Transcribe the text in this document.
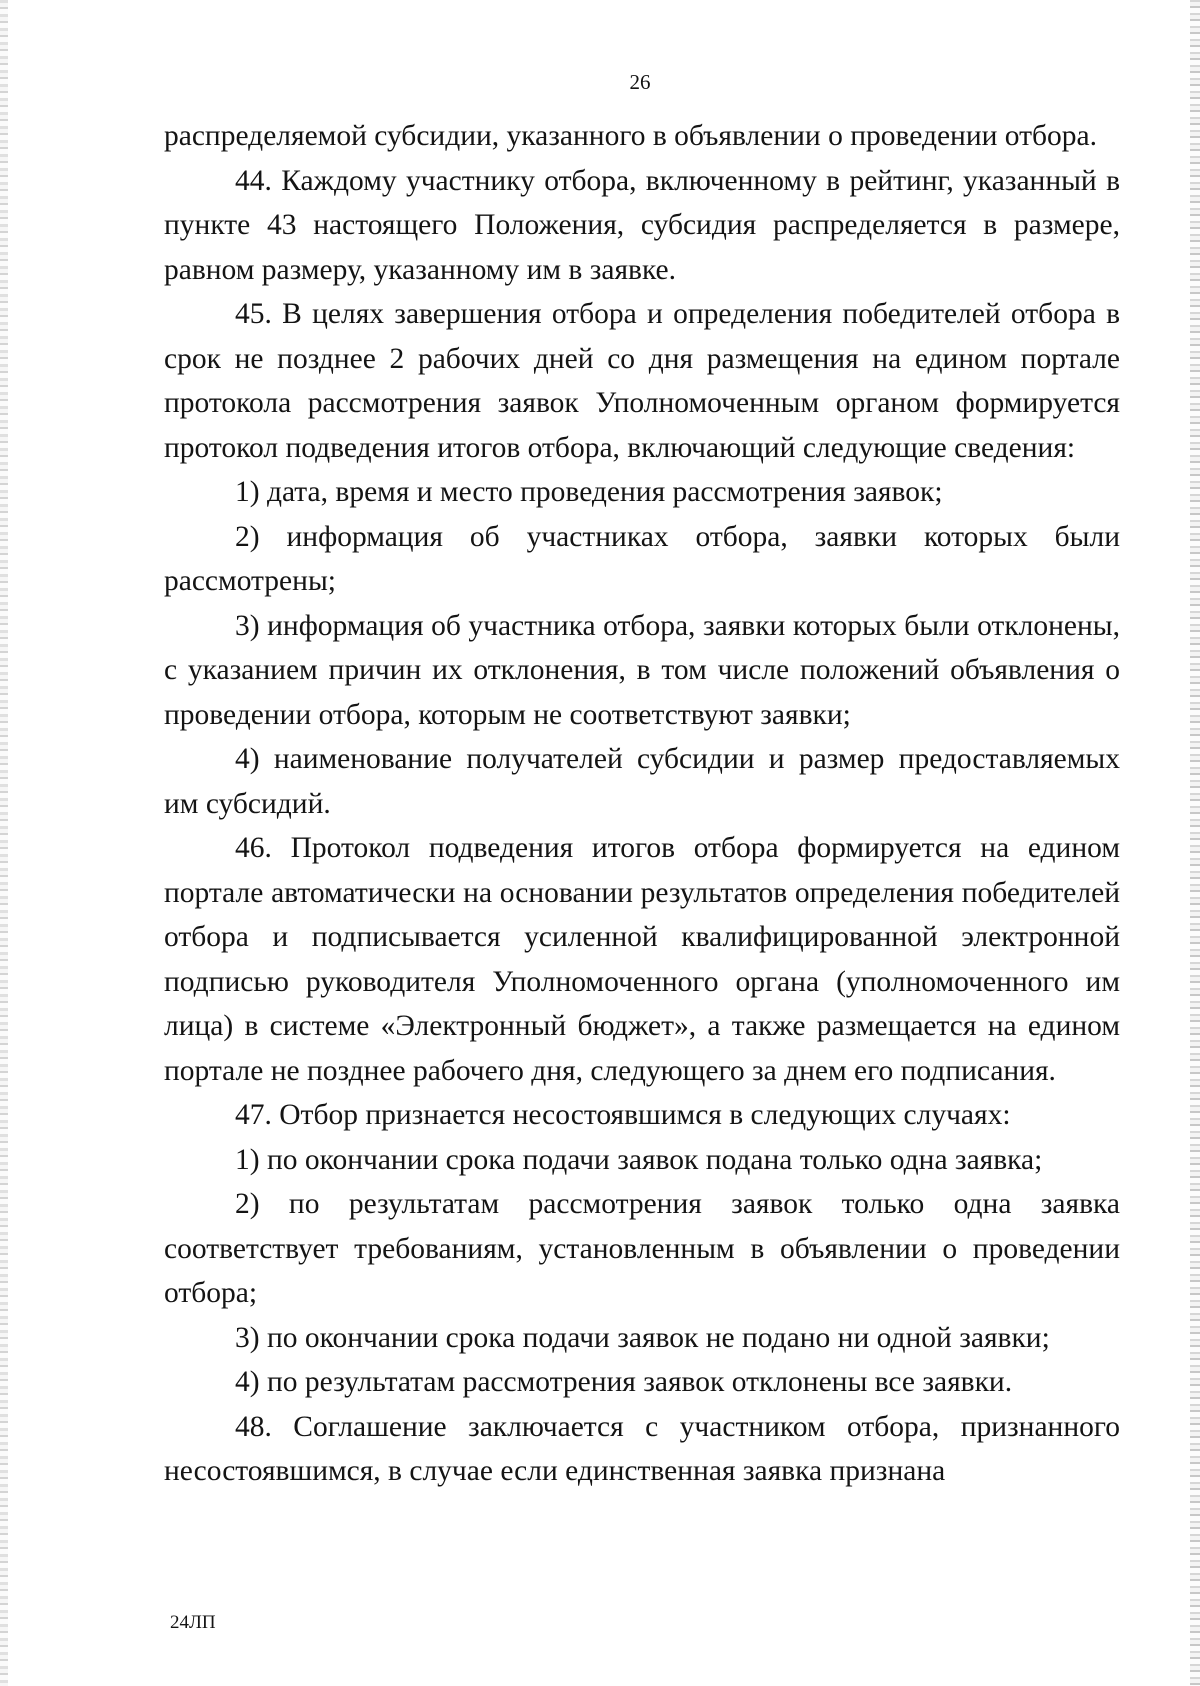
26

распределяемой субсидии, указанного в объявлении о проведении отбора.

44. Каждому участнику отбора, включенному в рейтинг, указанный в пункте 43 настоящего Положения, субсидия распределяется в размере, равном размеру, указанному им в заявке.

45. В целях завершения отбора и определения победителей отбора в срок не позднее 2 рабочих дней со дня размещения на едином портале протокола рассмотрения заявок Уполномоченным органом формируется протокол подведения итогов отбора, включающий следующие сведения:

1) дата, время и место проведения рассмотрения заявок;

2) информация об участниках отбора, заявки которых были рассмотрены;

3) информация об участника отбора, заявки которых были отклонены, с указанием причин их отклонения, в том числе положений объявления о проведении отбора, которым не соответствуют заявки;

4) наименование получателей субсидии и размер предоставляемых им субсидий.

46. Протокол подведения итогов отбора формируется на едином портале автоматически на основании результатов определения победителей отбора и подписывается усиленной квалифицированной электронной подписью руководителя Уполномоченного органа (уполномоченного им лица) в системе «Электронный бюджет», а также размещается на едином портале не позднее рабочего дня, следующего за днем его подписания.

47. Отбор признается несостоявшимся в следующих случаях:

1) по окончании срока подачи заявок подана только одна заявка;

2) по результатам рассмотрения заявок только одна заявка соответствует требованиям, установленным в объявлении о проведении отбора;

3) по окончании срока подачи заявок не подано ни одной заявки;

4) по результатам рассмотрения заявок отклонены все заявки.

48. Соглашение заключается с участником отбора, признанного несостоявшимся, в случае если единственная заявка признана

24ЛП
